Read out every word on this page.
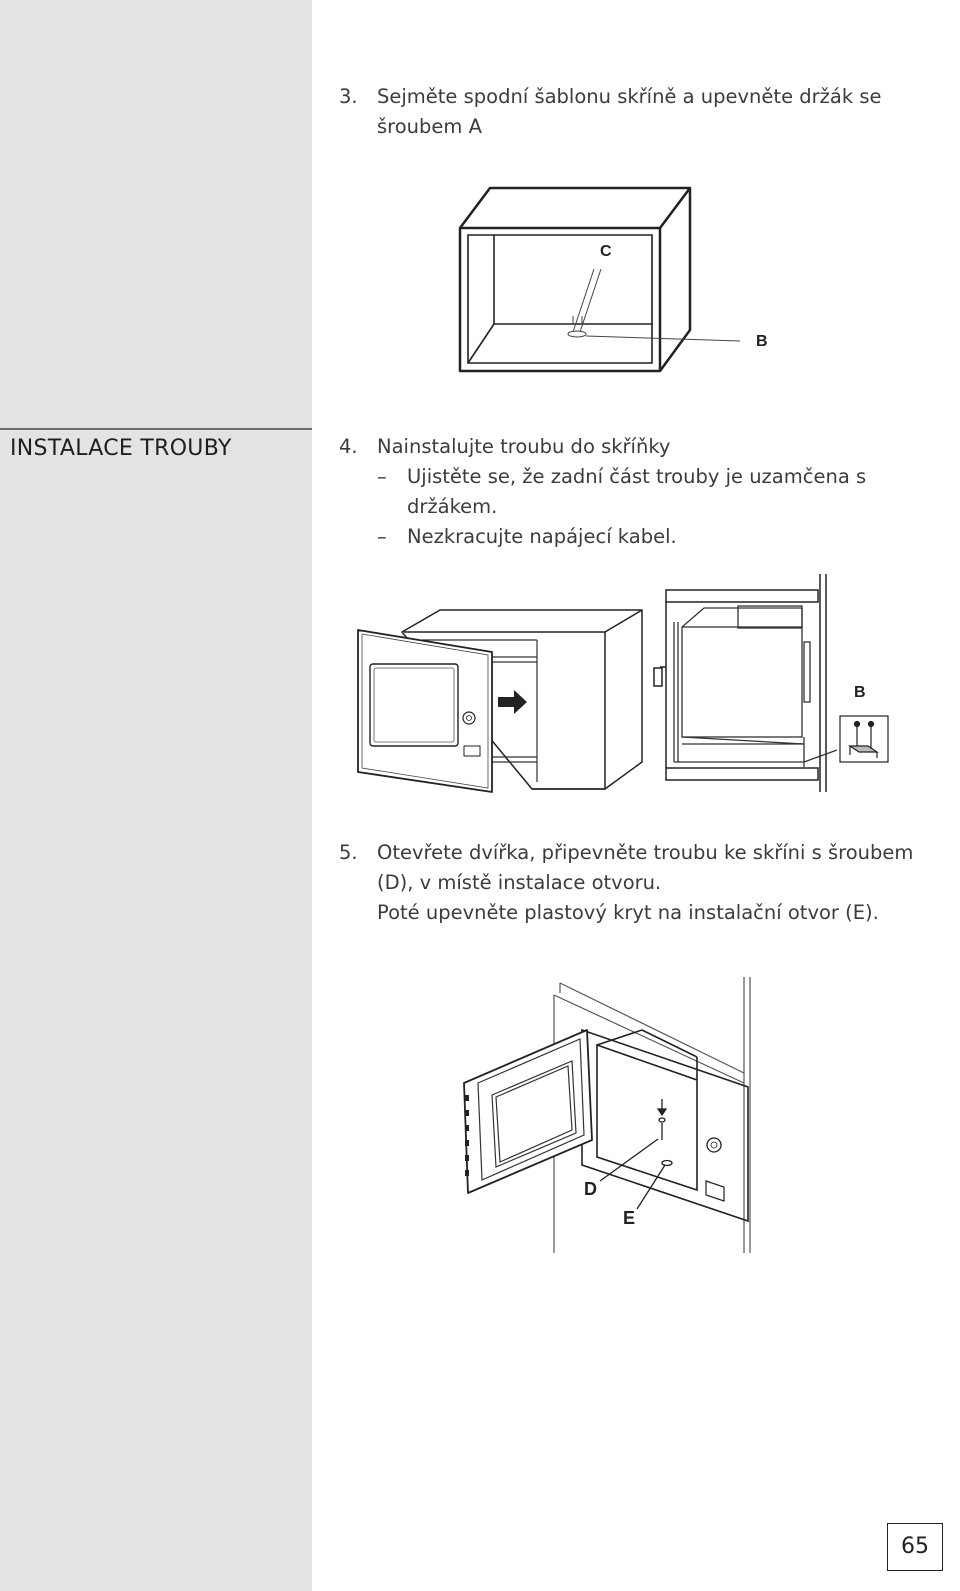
INSTALACE TROUBY
3. Sejměte spodní šablonu skříně a upevněte držák se
šroubem A
C
B
4. Nainstalujte troubu do skříňky
– Ujistěte se, že zadní část trouby je uzamčena s
držákem.
– Nezkracujte napájecí kabel.
B
5. Otevřete dvířka, připevněte troubu ke skříni s šroubem
(D), v místě instalace otvoru.
Poté upevněte plastový kryt na instalační otvor (E).
D
E
65
